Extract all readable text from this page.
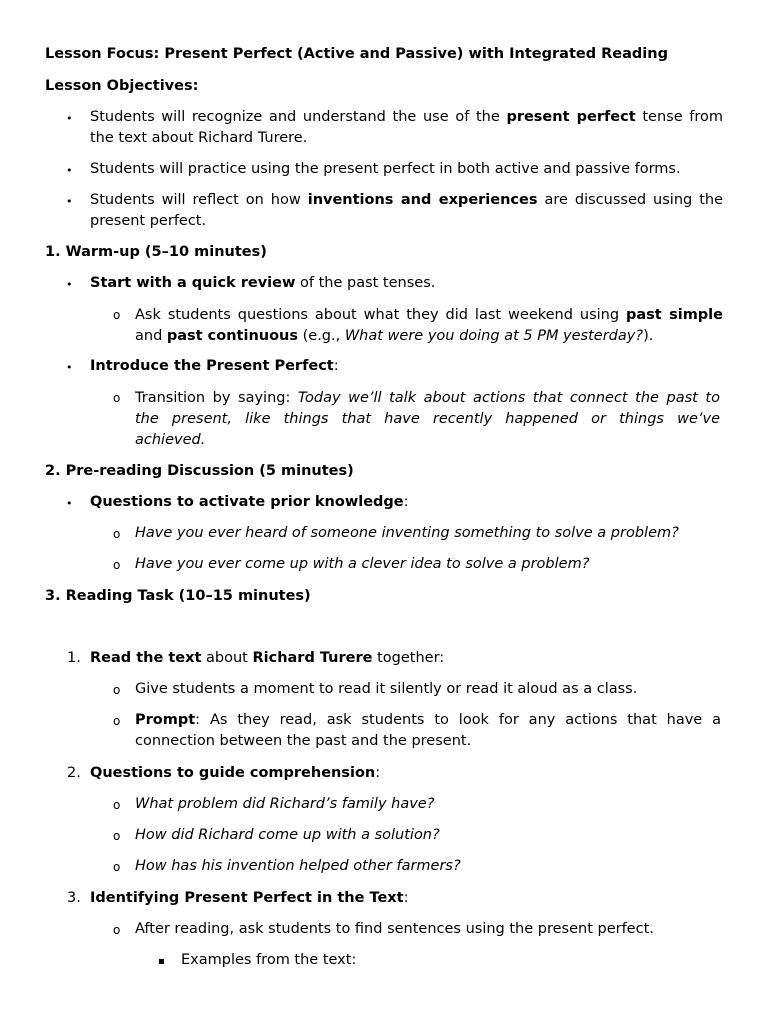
Lesson Focus: Present Perfect (Active and Passive) with Integrated Reading
Lesson Objectives:
• Students will recognize and understand the use of the present perfect tense from
the text about Richard Turere.
• Students will practice using the present perfect in both active and passive forms.
• Students will reflect on how inventions and experiences are discussed using the
present perfect.
1. Warm-up (5–10 minutes)
• Start with a quick review of the past tenses.
o Ask students questions about what they did last weekend using past simple
and past continuous (e.g., What were you doing at 5 PM yesterday?).
• Introduce the Present Perfect:
o Transition by saying: Today we’ll talk about actions that connect the past to
the present, like things that have recently happened or things we’ve
achieved.
2. Pre-reading Discussion (5 minutes)
• Questions to activate prior knowledge:
o Have you ever heard of someone inventing something to solve a problem?
o Have you ever come up with a clever idea to solve a problem?
3. Reading Task (10–15 minutes)
1. Read the text about Richard Turere together:
o Give students a moment to read it silently or read it aloud as a class.
o Prompt: As they read, ask students to look for any actions that have a
connection between the past and the present.
2. Questions to guide comprehension:
o What problem did Richard’s family have?
o How did Richard come up with a solution?
o How has his invention helped other farmers?
3. Identifying Present Perfect in the Text:
o After reading, ask students to find sentences using the present perfect.
▪ Examples from the text:
